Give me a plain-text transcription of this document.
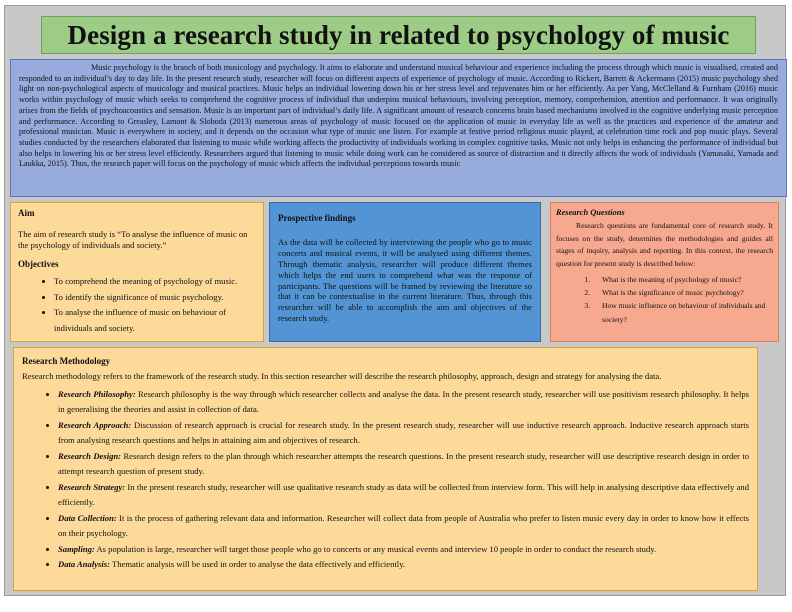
Design a research study in related to psychology of music

Music psychology is the branch of both musicology and psychology. It aims to elaborate and understand musical behaviour and experience including the process through which music is visualised, created and responded to an individual’s day to day life. In the present research study, researcher will focus on different aspects of experience of psychology of music. According to Rickert, Barrett & Ackermann (2015) music psychology shed light on non-psychological aspects of musicology and musical practices. Music helps an individual lowering down his or her stress level and rejuvenates him or her efficiently. As per Yang, McClelland & Furnham (2016) music works within psychology of music which seeks to comprehend the cognitive process of individual that underpins musical behaviours, involving perception, memory, comprehension, attention and performance. It was originally arises from the fields of psychoacoustics and sensation. Music is an important part of individual’s daily life. A significant amount of research concerns brain based mechanisms involved in the cognitive underlying music perception and performance. According to Greasley, Lamont & Sloboda (2013) numerous areas of psychology of music focused on the application of music in everyday life as well as the practices and experience of the amateur and professional musician. Music is everywhere in society, and it depends on the occasion what type of music one listen. For example at festive period religious music played, at celebration time rock and pop music plays. Several studies conducted by the researchers elaborated that listening to music while working affects the productivity of individuals working in complex cognitive tasks. Music not only helps in enhancing the performance of individual but also helps in lowering his or her stress level efficiently. Researchers argued that listening to music while doing work can be considered as source of distraction and it directly affects the work of individuals (Yamasaki, Yamada and Laukka, 2015). Thus, the research paper will focus on the psychology of music which affects the individual perceptions towards music

Aim
The aim of research study is “To analyse the influence of music on the psychology of individuals and society.”
Objectives
• To comprehend the meaning of psychology of music.
• To identify the significance of music psychology.
• To analyse the influence of music on behaviour of individuals and society.
Prospective findings

As the data will be collected by interviewing the people who go to music concerts and musical events, it will be analysed using different themes. Through thematic analysis, researcher will produce different themes which helps the end users to comprehend what was the response of participants. The questions will be framed by reviewing the literature so that it can be contextualise in the current literature. Thus, through this researcher will be able to accomplish the aim and objectives of the research study.

Research Questions

Research questions are fundamental core of research study. It focuses on the study, determines the methodologies and guides all stages of inquiry, analysis and reporting. In this context, the research question for present study is described below:

1. What is the meaning of psychology of music?
2. What is the significance of music psychology?
3. How music influence on behaviour of individuals and society?
Research Methodology

Research methodology refers to the framework of the research study. In this section researcher will describe the research philosophy, approach, design and strategy for analysing the data.

• Research Philosophy: Research philosophy is the way through which researcher collects and analyse the data. In the present research study, researcher will use positivism research philosophy. It helps in generalising the theories and assist in collection of data.
• Research Approach: Discussion of research approach is crucial for research study. In the present research study, researcher will use inductive research approach. Inductive research approach starts from analysing research questions and helps in attaining aim and objectives of research.
• Research Design: Research design refers to the plan through which researcher attempts the research questions. In the present research study, researcher will use descriptive research design in order to attempt research question of present study.
• Research Strategy: In the present research study, researcher will use qualitative research study as data will be collected from interview form. This will help in analysing descriptive data effectively and efficiently.
• Data Collection: It is the process of gathering relevant data and information. Researcher will collect data from people of Australia who prefer to listen music every day in order to know how it effects on their psychology.
• Sampling: As population is large, researcher will target those people who go to concerts or any musical events and interview 10 people in order to conduct the research study.
• Data Analysis: Thematic analysis will be used in order to analyse the data effectively and efficiently.
